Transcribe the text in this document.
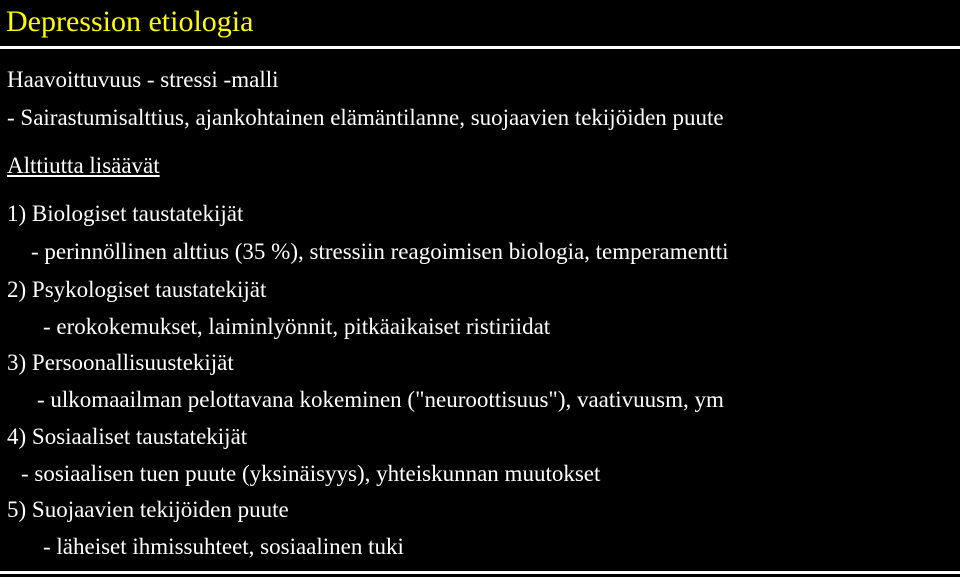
Depression etiologia
Haavoittuvuus - stressi -malli
- Sairastumisalttius, ajankohtainen elämäntilanne, suojaavien tekijöiden puute
Alttiutta lisäävät
1) Biologiset taustatekijät
- perinnöllinen alttius (35 %), stressiin reagoimisen biologia, temperamentti
2) Psykologiset taustatekijät
- erokokemukset, laiminlyönnit, pitkäaikaiset ristiriidat
3) Persoonallisuustekijät
- ulkomaailman pelottavana kokeminen ("neuroottisuus"), vaativuusm, ym
4) Sosiaaliset taustatekijät
- sosiaalisen tuen puute (yksinäisyys), yhteiskunnan muutokset
5) Suojaavien tekijöiden puute
- läheiset ihmissuhteet, sosiaalinen tuki
